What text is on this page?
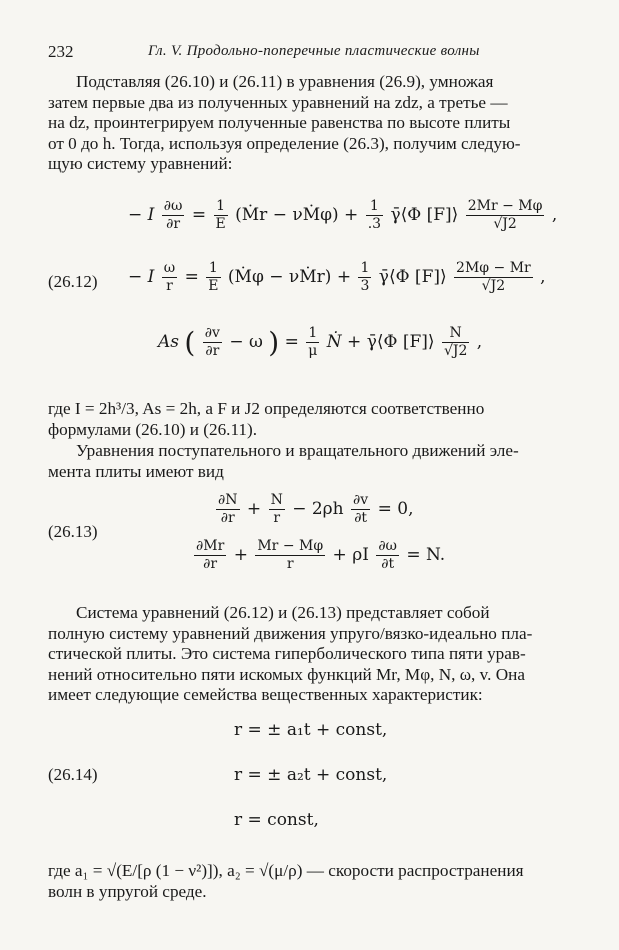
232	Гл. V. Продольно-поперечные пластические волны
Подставляя (26.10) и (26.11) в уравнения (26.9), умножая
затем первые два из полученных уравнений на zdz, а третье —
на dz, проинтегрируем полученные равенства по высоте плиты
от 0 до h. Тогда, используя определение (26.3), получим следую-
щую систему уравнений:
(26.12)
− I $\frac{\partial\omega}{\partial r} = \frac{1}{E}$ (Ṁr − νṀφ) + $\frac{1}{.3}$ γ̄⟨Φ [F]⟩ $\frac{2Mr - M\varphi}{√J2}$ ,
− I $\frac{\omega}{r} = \frac{1}{E}$ (Ṁφ − νṀr) + $\frac{1}{3}$ γ̄⟨Φ [F]⟩ $\frac{2M\varphi - Mr}{√J2}$ ,
As ( $\frac{\partial v}{\partial r} - \omega$ ) = $\frac{1}{\mu}$ Ṅ + γ̄⟨Φ [F]⟩ $\frac{N}{√J2}$ ,
где I = 2h³/3, As = 2h, а F и J2 определяются соответственно
формулами (26.10) и (26.11).
Уравнения поступательного и вращательного движений эле-
мента плиты имеют вид
(26.13)
$\frac{\partial N}{\partial r} + \frac{N}{r} - 2\rho h \frac{\partial v}{\partial t} = 0$,
$\frac{\partial Mr}{\partial r} + \frac{Mr - M\varphi}{r} + \rho I \frac{\partial\omega}{\partial t} = N$.
Система уравнений (26.12) и (26.13) представляет собой
полную систему уравнений движения упруго/вязко-идеально пла-
стической плиты. Это система гиперболического типа пяти урав-
нений относительно пяти искомых функций Mr, Mφ, N, ω, v. Она
имеет следующие семейства вещественных характеристик:
(26.14)
r = ± a₁t + const,
r = ± a₂t + const,
r = const,
где a₁ = √(E/[ρ (1 − ν²)]), a₂ = √(μ/ρ) — скорости распространения
волн в упругой среде.
